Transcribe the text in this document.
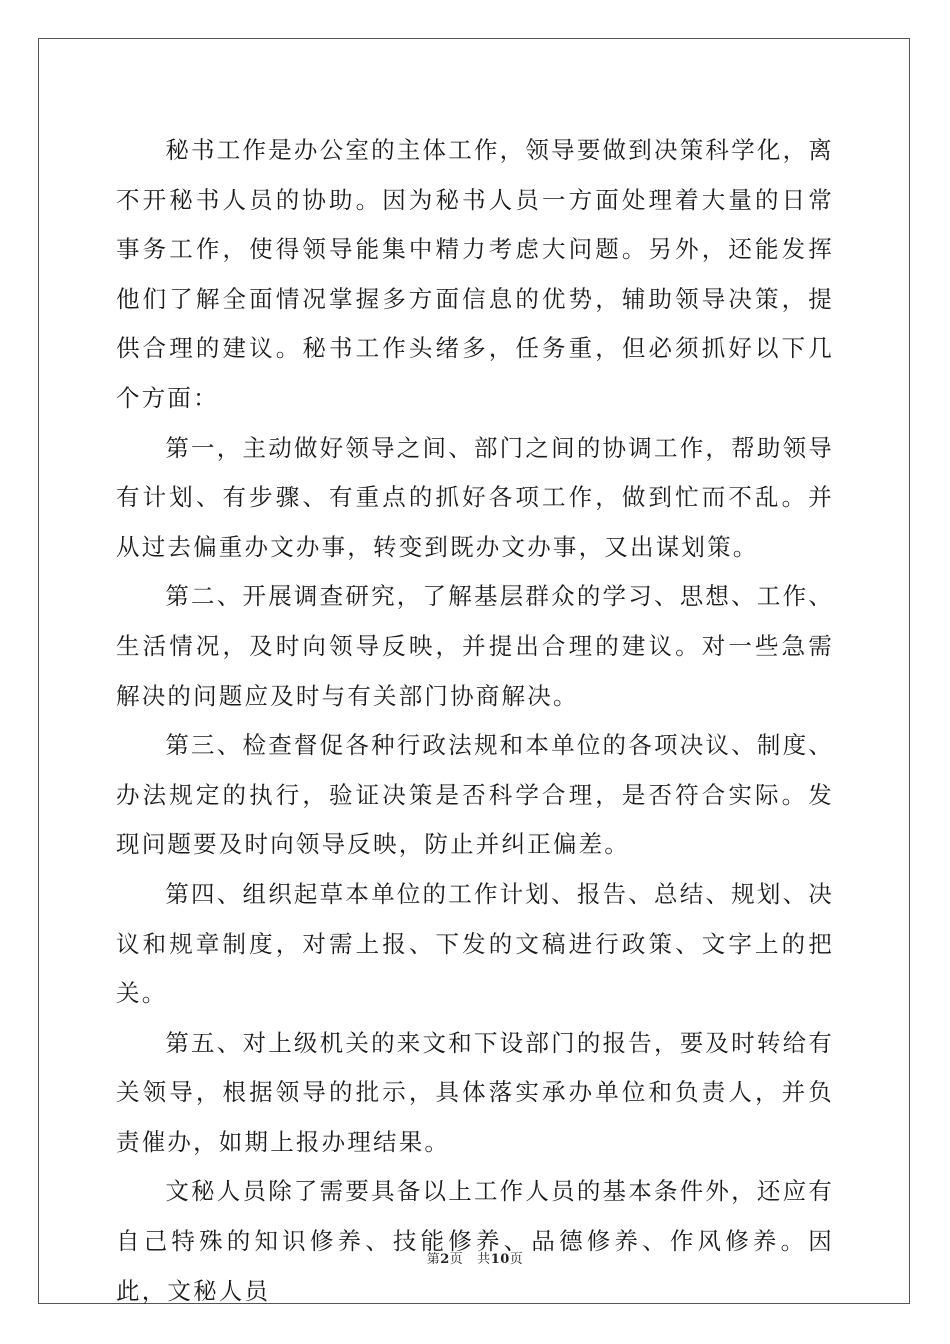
秘书工作是办公室的主体工作，领导要做到决策科学化，离不开秘书人员的协助。因为秘书人员一方面处理着大量的日常事务工作，使得领导能集中精力考虑大问题。另外，还能发挥他们了解全面情况掌握多方面信息的优势，辅助领导决策，提供合理的建议。秘书工作头绪多，任务重，但必须抓好以下几个方面：

第一，主动做好领导之间、部门之间的协调工作，帮助领导有计划、有步骤、有重点的抓好各项工作，做到忙而不乱。并从过去偏重办文办事，转变到既办文办事，又出谋划策。

第二、开展调查研究，了解基层群众的学习、思想、工作、生活情况，及时向领导反映，并提出合理的建议。对一些急需解决的问题应及时与有关部门协商解决。

第三、检查督促各种行政法规和本单位的各项决议、制度、办法规定的执行，验证决策是否科学合理，是否符合实际。发现问题要及时向领导反映，防止并纠正偏差。

第四、组织起草本单位的工作计划、报告、总结、规划、决议和规章制度，对需上报、下发的文稿进行政策、文字上的把关。

第五、对上级机关的来文和下设部门的报告，要及时转给有关领导，根据领导的批示，具体落实承办单位和负责人，并负责催办，如期上报办理结果。

文秘人员除了需要具备以上工作人员的基本条件外，还应有自己特殊的知识修养、技能修养、品德修养、作风修养。因此，文秘人员

第2页 共10页
